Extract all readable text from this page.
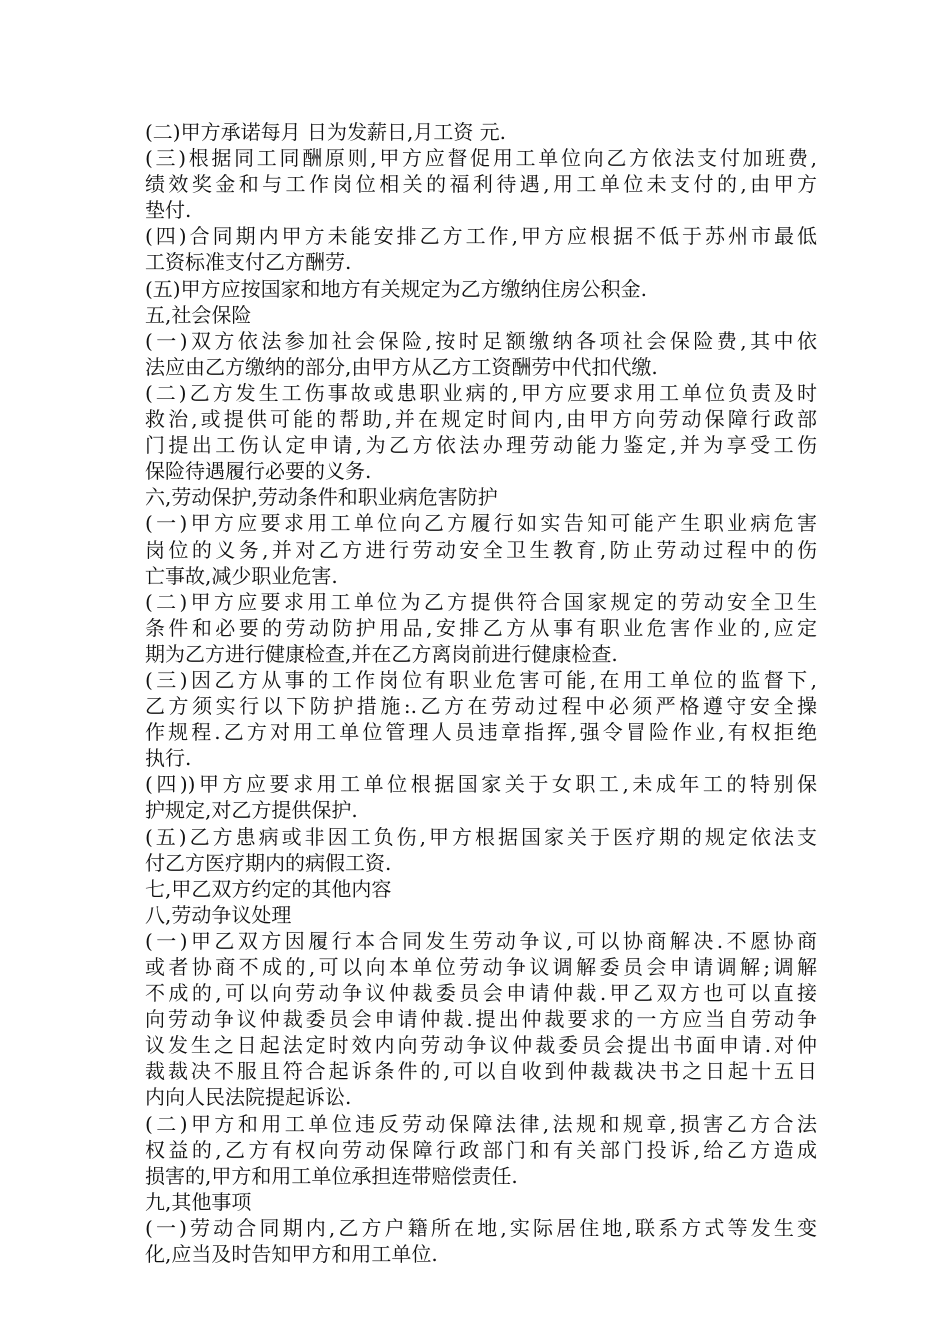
(二)甲方承诺每月 日为发薪日,月工资 元.
(三)根据同工同酬原则,甲方应督促用工单位向乙方依法支付加班费,
绩效奖金和与工作岗位相关的福利待遇,用工单位未支付的,由甲方
垫付.
(四)合同期内甲方未能安排乙方工作,甲方应根据不低于苏州市最低
工资标准支付乙方酬劳.
(五)甲方应按国家和地方有关规定为乙方缴纳住房公积金.
五,社会保险
(一)双方依法参加社会保险,按时足额缴纳各项社会保险费,其中依
法应由乙方缴纳的部分,由甲方从乙方工资酬劳中代扣代缴.
(二)乙方发生工伤事故或患职业病的,甲方应要求用工单位负责及时
救治,或提供可能的帮助,并在规定时间内,由甲方向劳动保障行政部
门提出工伤认定申请,为乙方依法办理劳动能力鉴定,并为享受工伤
保险待遇履行必要的义务.
六,劳动保护,劳动条件和职业病危害防护
(一)甲方应要求用工单位向乙方履行如实告知可能产生职业病危害
岗位的义务,并对乙方进行劳动安全卫生教育,防止劳动过程中的伤
亡事故,减少职业危害.
(二)甲方应要求用工单位为乙方提供符合国家规定的劳动安全卫生
条件和必要的劳动防护用品,安排乙方从事有职业危害作业的,应定
期为乙方进行健康检查,并在乙方离岗前进行健康检查.
(三)因乙方从事的工作岗位有职业危害可能,在用工单位的监督下,
乙方须实行以下防护措施:.乙方在劳动过程中必须严格遵守安全操
作规程.乙方对用工单位管理人员违章指挥,强令冒险作业,有权拒绝
执行.
(四))甲方应要求用工单位根据国家关于女职工,未成年工的特别保
护规定,对乙方提供保护.
(五)乙方患病或非因工负伤,甲方根据国家关于医疗期的规定依法支
付乙方医疗期内的病假工资.
七,甲乙双方约定的其他内容
八,劳动争议处理
(一)甲乙双方因履行本合同发生劳动争议,可以协商解决.不愿协商
或者协商不成的,可以向本单位劳动争议调解委员会申请调解;调解
不成的,可以向劳动争议仲裁委员会申请仲裁.甲乙双方也可以直接
向劳动争议仲裁委员会申请仲裁.提出仲裁要求的一方应当自劳动争
议发生之日起法定时效内向劳动争议仲裁委员会提出书面申请.对仲
裁裁决不服且符合起诉条件的,可以自收到仲裁裁决书之日起十五日
内向人民法院提起诉讼.
(二)甲方和用工单位违反劳动保障法律,法规和规章,损害乙方合法
权益的,乙方有权向劳动保障行政部门和有关部门投诉,给乙方造成
损害的,甲方和用工单位承担连带赔偿责任.
九,其他事项
(一)劳动合同期内,乙方户籍所在地,实际居住地,联系方式等发生变
化,应当及时告知甲方和用工单位.
